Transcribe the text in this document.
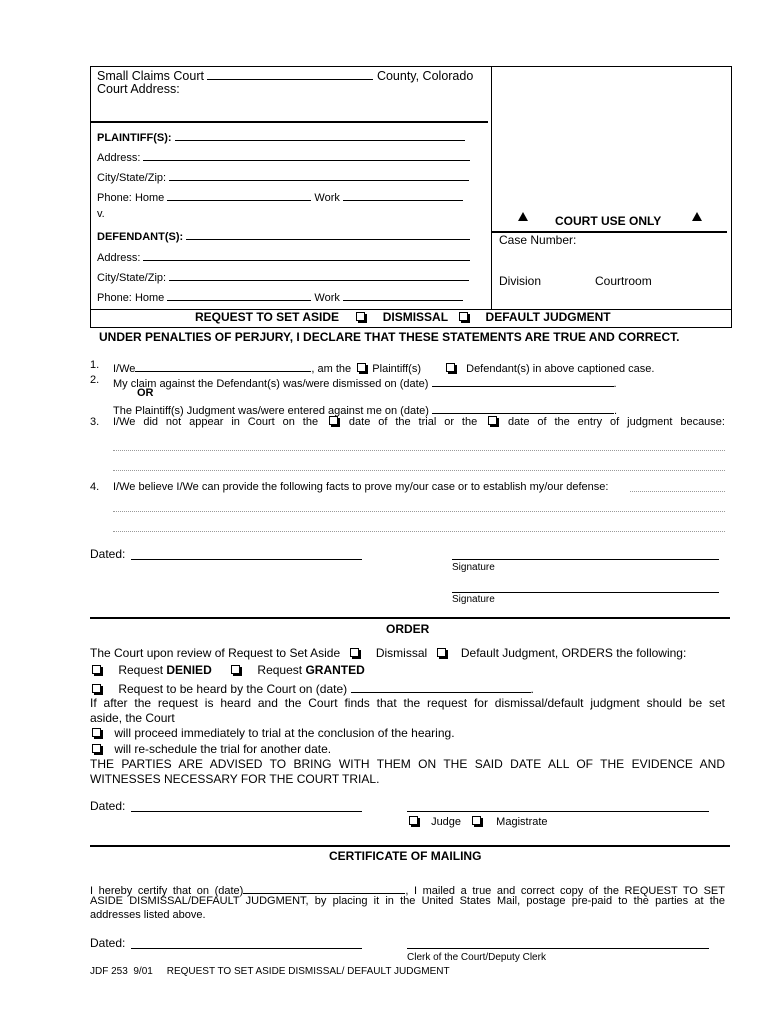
Small Claims Court	County, Colorado
Court Address:
PLAINTIFF(S):
Address:
City/State/Zip:
Phone: Home	Work
v.
DEFENDANT(S):
Address:
City/State/Zip:
Phone: Home	Work
COURT USE ONLY
Case Number:
Division	Courtroom
REQUEST TO SET ASIDE	DISMISSAL	DEFAULT JUDGMENT
UNDER PENALTIES OF PERJURY, I DECLARE THAT THESE STATEMENTS ARE TRUE AND CORRECT.
1. I/We	, am the Plaintiff(s)	Defendant(s) in above captioned case.
2. My claim against the Defendant(s) was/were dismissed on (date)	.
OR
The Plaintiff(s) Judgment was/were entered against me on (date)	.
3. I/We did not appear in Court on the	date of the trial or the	date of the entry of judgment because:
4. I/We believe I/We can provide the following facts to prove my/our case or to establish my/our defense:
Dated:
Signature
Signature
ORDER
The Court upon review of Request to Set Aside	Dismissal	Default Judgment, ORDERS the following:
Request DENIED	Request GRANTED
Request to be heard by the Court on (date)	.
If after the request is heard and the Court finds that the request for dismissal/default judgment should be set
aside, the Court
will proceed immediately to trial at the conclusion of the hearing.
will re-schedule the trial for another date.
THE PARTIES ARE ADVISED TO BRING WITH THEM ON THE SAID DATE ALL OF THE EVIDENCE AND
WITNESSES NECESSARY FOR THE COURT TRIAL.
Dated:
Judge	Magistrate
CERTIFICATE OF MAILING
I hereby certify that on (date)	, I mailed a true and correct copy of the REQUEST TO SET
ASIDE DISMISSAL/DEFAULT JUDGMENT, by placing it in the United States Mail, postage pre-paid to the parties at the
addresses listed above.
Dated:
Clerk of the Court/Deputy Clerk
JDF 253 9/01 REQUEST TO SET ASIDE DISMISSAL/ DEFAULT JUDGMENT
